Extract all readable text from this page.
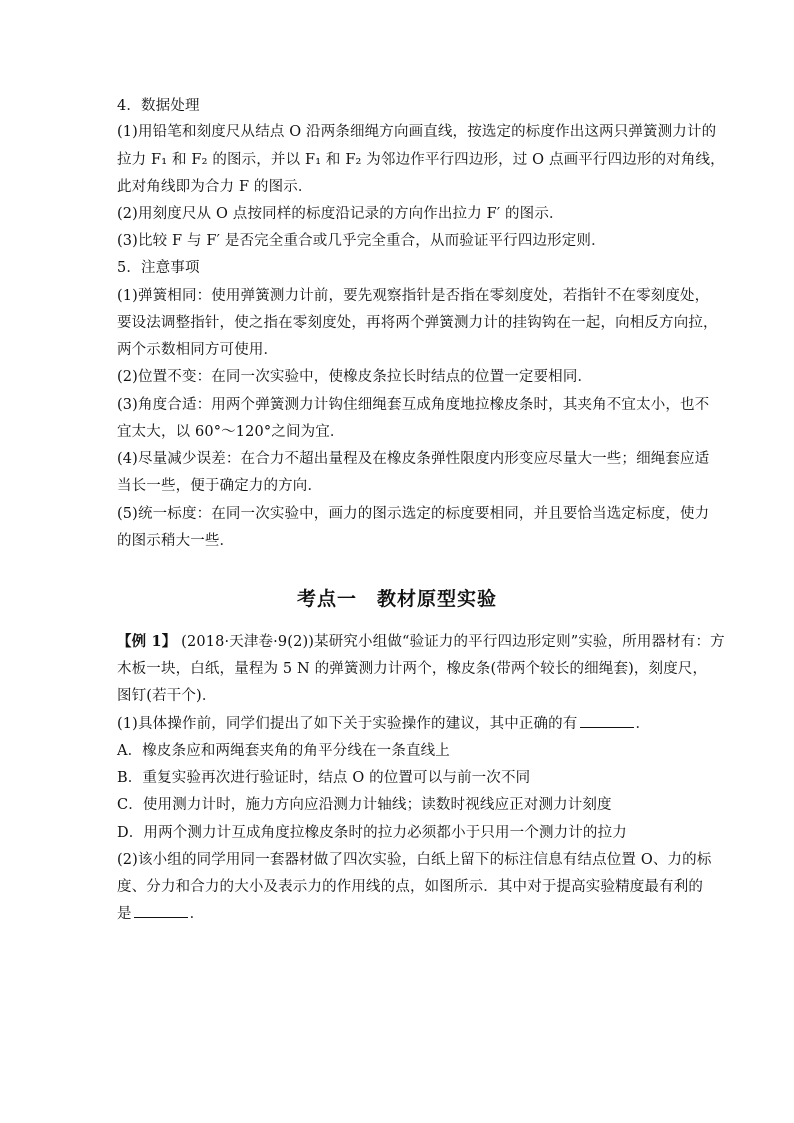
4．数据处理
(1)用铅笔和刻度尺从结点 O 沿两条细绳方向画直线，按选定的标度作出这两只弹簧测力计的
拉力 F₁ 和 F₂ 的图示，并以 F₁ 和 F₂ 为邻边作平行四边形，过 O 点画平行四边形的对角线，
此对角线即为合力 F 的图示．
(2)用刻度尺从 O 点按同样的标度沿记录的方向作出拉力 F′ 的图示．
(3)比较 F 与 F′ 是否完全重合或几乎完全重合，从而验证平行四边形定则．
5．注意事项
(1)弹簧相同：使用弹簧测力计前，要先观察指针是否指在零刻度处，若指针不在零刻度处，
要设法调整指针，使之指在零刻度处，再将两个弹簧测力计的挂钩钩在一起，向相反方向拉，
两个示数相同方可使用．
(2)位置不变：在同一次实验中，使橡皮条拉长时结点的位置一定要相同．
(3)角度合适：用两个弹簧测力计钩住细绳套互成角度地拉橡皮条时，其夹角不宜太小，也不
宜太大，以 60°～120°之间为宜．
(4)尽量减少误差：在合力不超出量程及在橡皮条弹性限度内形变应尽量大一些；细绳套应适
当长一些，便于确定力的方向．
(5)统一标度：在同一次实验中，画力的图示选定的标度要相同，并且要恰当选定标度，使力
的图示稍大一些．
考点一　教材原型实验
【例 1】 (2018·天津卷·9(2))某研究小组做“验证力的平行四边形定则”实验，所用器材有：方
木板一块，白纸，量程为 5 N 的弹簧测力计两个，橡皮条(带两个较长的细绳套)，刻度尺，
图钉(若干个)．
(1)具体操作前，同学们提出了如下关于实验操作的建议，其中正确的有	．
A．橡皮条应和两绳套夹角的角平分线在一条直线上
B．重复实验再次进行验证时，结点 O 的位置可以与前一次不同
C．使用测力计时，施力方向应沿测力计轴线；读数时视线应正对测力计刻度
D．用两个测力计互成角度拉橡皮条时的拉力必须都小于只用一个测力计的拉力
(2)该小组的同学用同一套器材做了四次实验，白纸上留下的标注信息有结点位置 O、力的标
度、分力和合力的大小及表示力的作用线的点，如图所示．其中对于提高实验精度最有利的
是	．
